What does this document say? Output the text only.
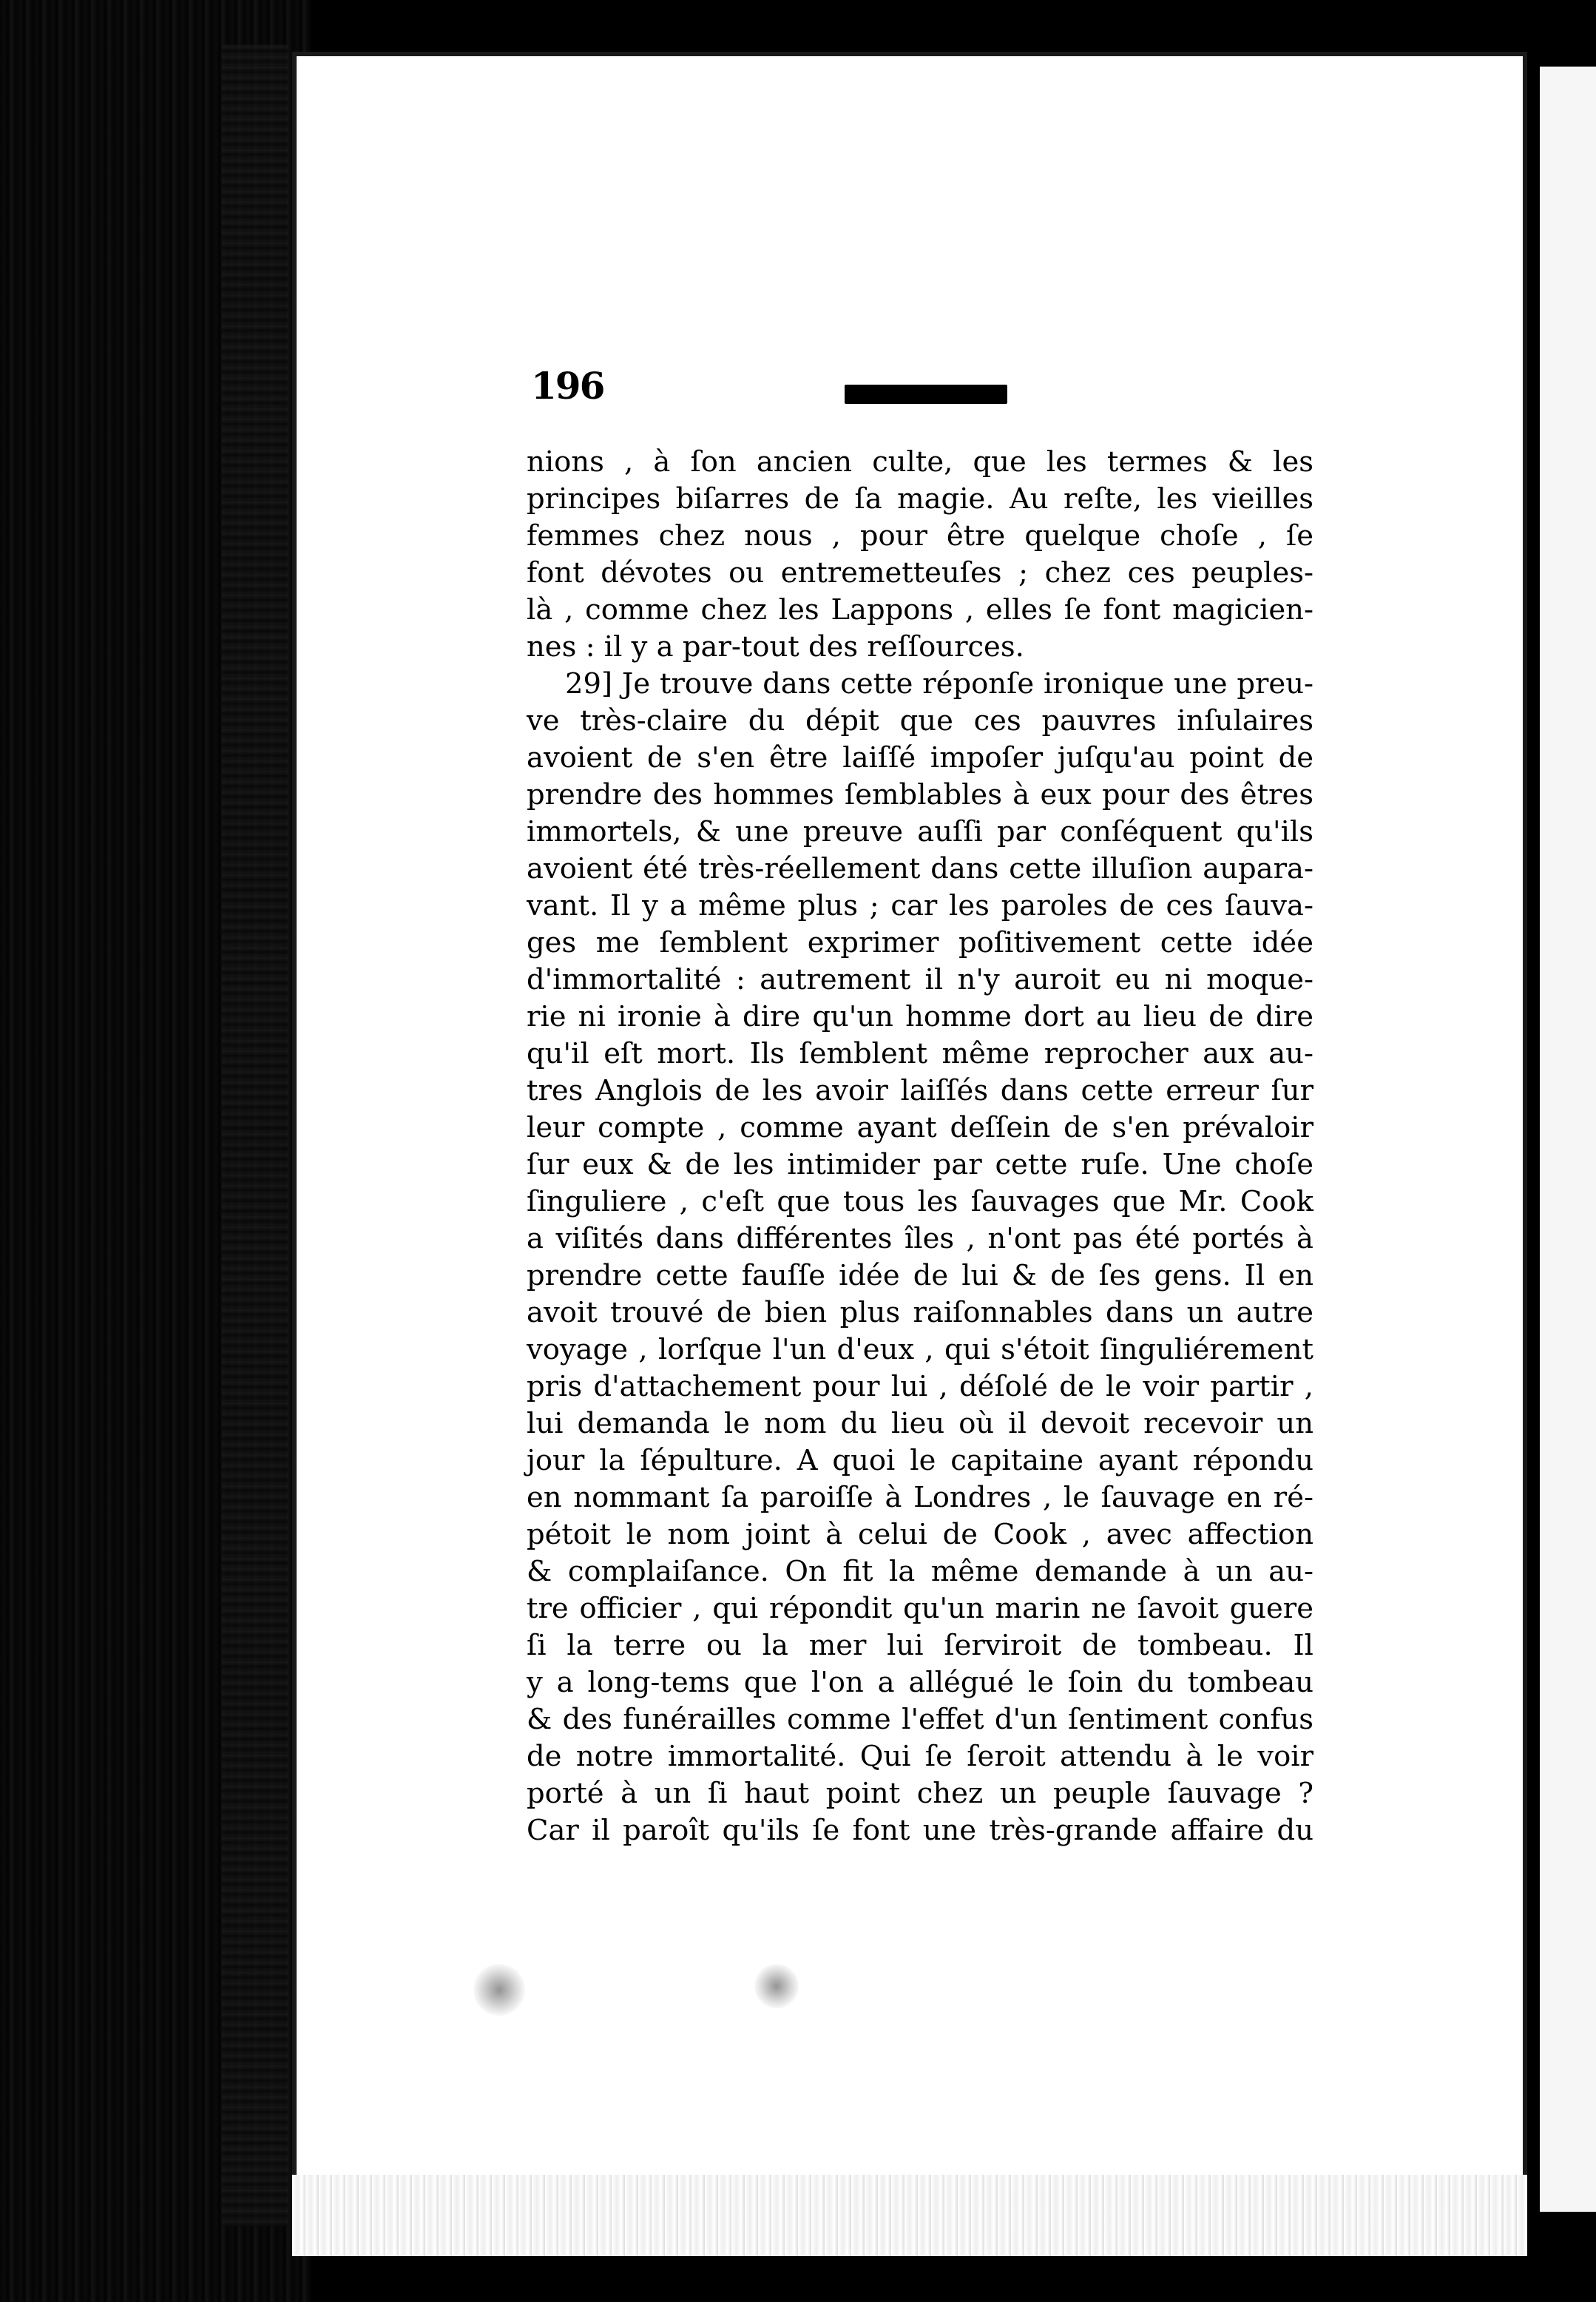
196
nions , à ſon ancien culte, que les termes & les
principes biſarres de ſa magie. Au reſte, les vieilles
femmes chez nous , pour être quelque choſe , ſe
font dévotes ou entremetteuſes ; chez ces peuples-
là , comme chez les Lappons , elles ſe font magicien-
nes : il y a par-tout des reſſources.
29] Je trouve dans cette réponſe ironique une preu-
ve très-claire du dépit que ces pauvres inſulaires
avoient de s'en être laiſſé impoſer juſqu'au point de
prendre des hommes ſemblables à eux pour des êtres
immortels, & une preuve auſſi par conſéquent qu'ils
avoient été très-réellement dans cette illuſion aupara-
vant. Il y a même plus ; car les paroles de ces ſauva-
ges me ſemblent exprimer poſitivement cette idée
d'immortalité : autrement il n'y auroit eu ni moque-
rie ni ironie à dire qu'un homme dort au lieu de dire
qu'il eſt mort. Ils ſemblent même reprocher aux au-
tres Anglois de les avoir laiſſés dans cette erreur ſur
leur compte , comme ayant deſſein de s'en prévaloir
ſur eux & de les intimider par cette ruſe. Une choſe
ſinguliere , c'eſt que tous les ſauvages que Mr. Cook
a viſités dans différentes îles , n'ont pas été portés à
prendre cette fauſſe idée de lui & de ſes gens. Il en
avoit trouvé de bien plus raiſonnables dans un autre
voyage , lorſque l'un d'eux , qui s'étoit ſinguliérement
pris d'attachement pour lui , déſolé de le voir partir ,
lui demanda le nom du lieu où il devoit recevoir un
jour la ſépulture. A quoi le capitaine ayant répondu
en nommant ſa paroiſſe à Londres , le ſauvage en ré-
pétoit le nom joint à celui de Cook , avec affection
& complaiſance. On fit la même demande à un au-
tre officier , qui répondit qu'un marin ne ſavoit guere
ſi la terre ou la mer lui ſerviroit de tombeau. Il
y a long-tems que l'on a allégué le ſoin du tombeau
& des funérailles comme l'effet d'un ſentiment confus
de notre immortalité. Qui ſe ſeroit attendu à le voir
porté à un ſi haut point chez un peuple ſauvage ?
Car il paroît qu'ils ſe font une très-grande affaire du
